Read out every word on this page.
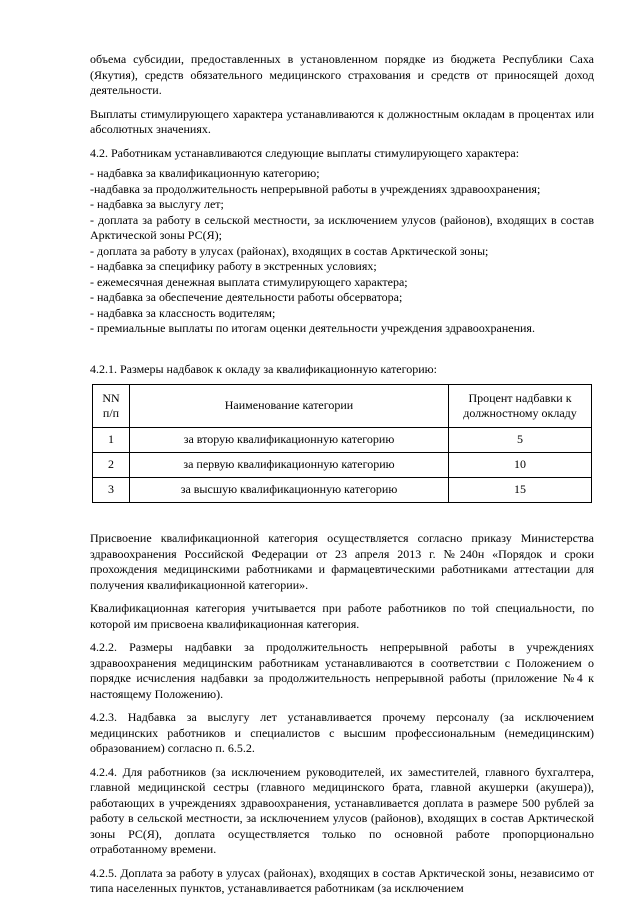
объема субсидии, предоставленных в установленном порядке из бюджета Республики Саха (Якутия), средств обязательного медицинского страхования и средств от приносящей доход деятельности.

Выплаты стимулирующего характера устанавливаются к должностным окладам в процентах или абсолютных значениях.

4.2. Работникам устанавливаются следующие выплаты стимулирующего характера:

- надбавка за квалификационную категорию;

-надбавка за продолжительность непрерывной работы в учреждениях здравоохранения;

- надбавка за выслугу лет;

- доплата за работу в сельской местности, за исключением улусов (районов), входящих в состав Арктической зоны РС(Я);

- доплата за работу в улусах (районах), входящих в состав Арктической зоны;

- надбавка за специфику работу в экстренных условиях;

- ежемесячная денежная выплата стимулирующего характера;

- надбавка за обеспечение деятельности работы обсерватора;

- надбавка за классность водителям;

- премиальные выплаты по итогам оценки деятельности учреждения здравоохранения.

4.2.1. Размеры надбавок к окладу за квалификационную категорию:

NN п/п	Наименование категории	Процент надбавки к должностному окладу
1	за вторую квалификационную категорию	5
2	за первую квалификационную категорию	10
3	за высшую квалификационную категорию	15

Присвоение квалификационной категория осуществляется согласно приказу Министерства здравоохранения Российской Федерации от 23 апреля 2013 г. №240н «Порядок и сроки прохождения медицинскими работниками и фармацевтическими работниками аттестации для получения квалификационной категории».

Квалификационная категория учитывается при работе работников по той специальности, по которой им присвоена квалификационная категория.

4.2.2. Размеры надбавки за продолжительность непрерывной работы в учреждениях здравоохранения медицинским работникам устанавливаются в соответствии с Положением о порядке исчисления надбавки за продолжительность непрерывной работы (приложение №4 к настоящему Положению).

4.2.3. Надбавка за выслугу лет устанавливается прочему персоналу (за исключением медицинских работников и специалистов с высшим профессиональным (немедицинским) образованием) согласно п. 6.5.2.

4.2.4. Для работников (за исключением руководителей, их заместителей, главного бухгалтера, главной медицинской сестры (главного медицинского брата, главной акушерки (акушера)), работающих в учреждениях здравоохранения, устанавливается доплата в размере 500 рублей за работу в сельской местности, за исключением улусов (районов), входящих в состав Арктической зоны РС(Я), доплата осуществляется только по основной работе пропорционально отработанному времени.

4.2.5. Доплата за работу в улусах (районах), входящих в состав Арктической зоны, независимо от типа населенных пунктов, устанавливается работникам (за исключением
